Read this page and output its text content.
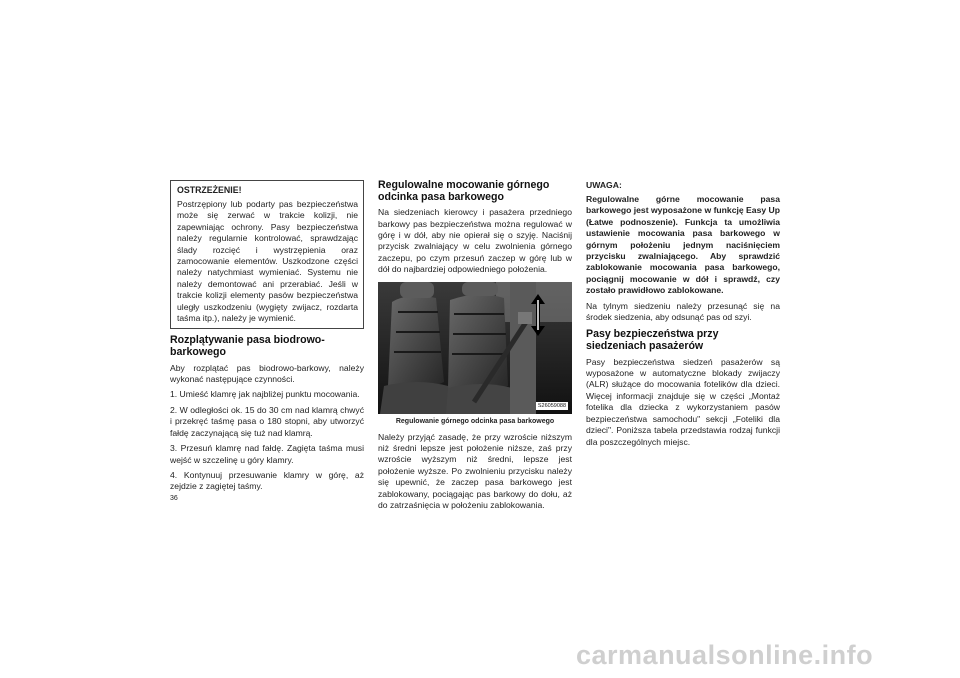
OSTRZEŻENIE!

Postrzępiony lub podarty pas bezpieczeństwa może się zerwać w trakcie kolizji, nie zapewniając ochrony. Pasy bezpieczeństwa należy regularnie kontrolować, sprawdzając ślady rozcięć i wystrzępienia oraz zamocowanie elementów. Uszkodzone części należy natychmiast wymieniać. Systemu nie należy demontować ani przerabiać. Jeśli w trakcie kolizji elementy pasów bezpieczeństwa uległy uszkodzeniu (wygięty zwijacz, rozdarta taśma itp.), należy je wymienić.

Rozplątywanie pasa biodrowo-barkowego

Aby rozplątać pas biodrowo-barkowy, należy wykonać następujące czynności.

1. Umieść klamrę jak najbliżej punktu mocowania.

2. W odległości ok. 15 do 30 cm nad klamrą chwyć i przekręć taśmę pasa o 180 stopni, aby utworzyć fałdę zaczynającą się tuż nad klamrą.

3. Przesuń klamrę nad fałdę. Zagięta taśma musi wejść w szczelinę u góry klamry.

4. Kontynuuj przesuwanie klamry w górę, aż zejdzie z zagiętej taśmy.

Regulowalne mocowanie górnego odcinka pasa barkowego

Na siedzeniach kierowcy i pasażera przedniego barkowy pas bezpieczeństwa można regulować w górę i w dół, aby nie opierał się o szyję. Naciśnij przycisk zwalniający w celu zwolnienia górnego zaczepu, po czym przesuń zaczep w górę lub w dół do najbardziej odpowiedniego położenia.

S26059088
Regulowanie górnego odcinka pasa barkowego

Należy przyjąć zasadę, że przy wzroście niższym niż średni lepsze jest położenie niższe, zaś przy wzroście wyższym niż średni, lepsze jest położenie wyższe. Po zwolnieniu przycisku należy się upewnić, że zaczep pasa barkowego jest zablokowany, pociągając pas barkowy do dołu, aż do zatrzaśnięcia w położeniu zablokowania.

UWAGA:

Regulowalne górne mocowanie pasa barkowego jest wyposażone w funkcję Easy Up (Łatwe podnoszenie). Funkcja ta umożliwia ustawienie mocowania pasa barkowego w górnym położeniu jednym naciśnięciem przycisku zwalniającego. Aby sprawdzić zablokowanie mocowania pasa barkowego, pociągnij mocowanie w dół i sprawdź, czy zostało prawidłowo zablokowane.

Na tylnym siedzeniu należy przesunąć się na środek siedzenia, aby odsunąć pas od szyi.

Pasy bezpieczeństwa przy siedzeniach pasażerów

Pasy bezpieczeństwa siedzeń pasażerów są wyposażone w automatyczne blokady zwijaczy (ALR) służące do mocowania fotelików dla dzieci. Więcej informacji znajduje się w części „Montaż fotelika dla dziecka z wykorzystaniem pasów bezpieczeństwa samochodu" sekcji „Foteliki dla dzieci". Poniższa tabela przedstawia rodzaj funkcji dla poszczególnych miejsc.

36
carmanualsonline.info
